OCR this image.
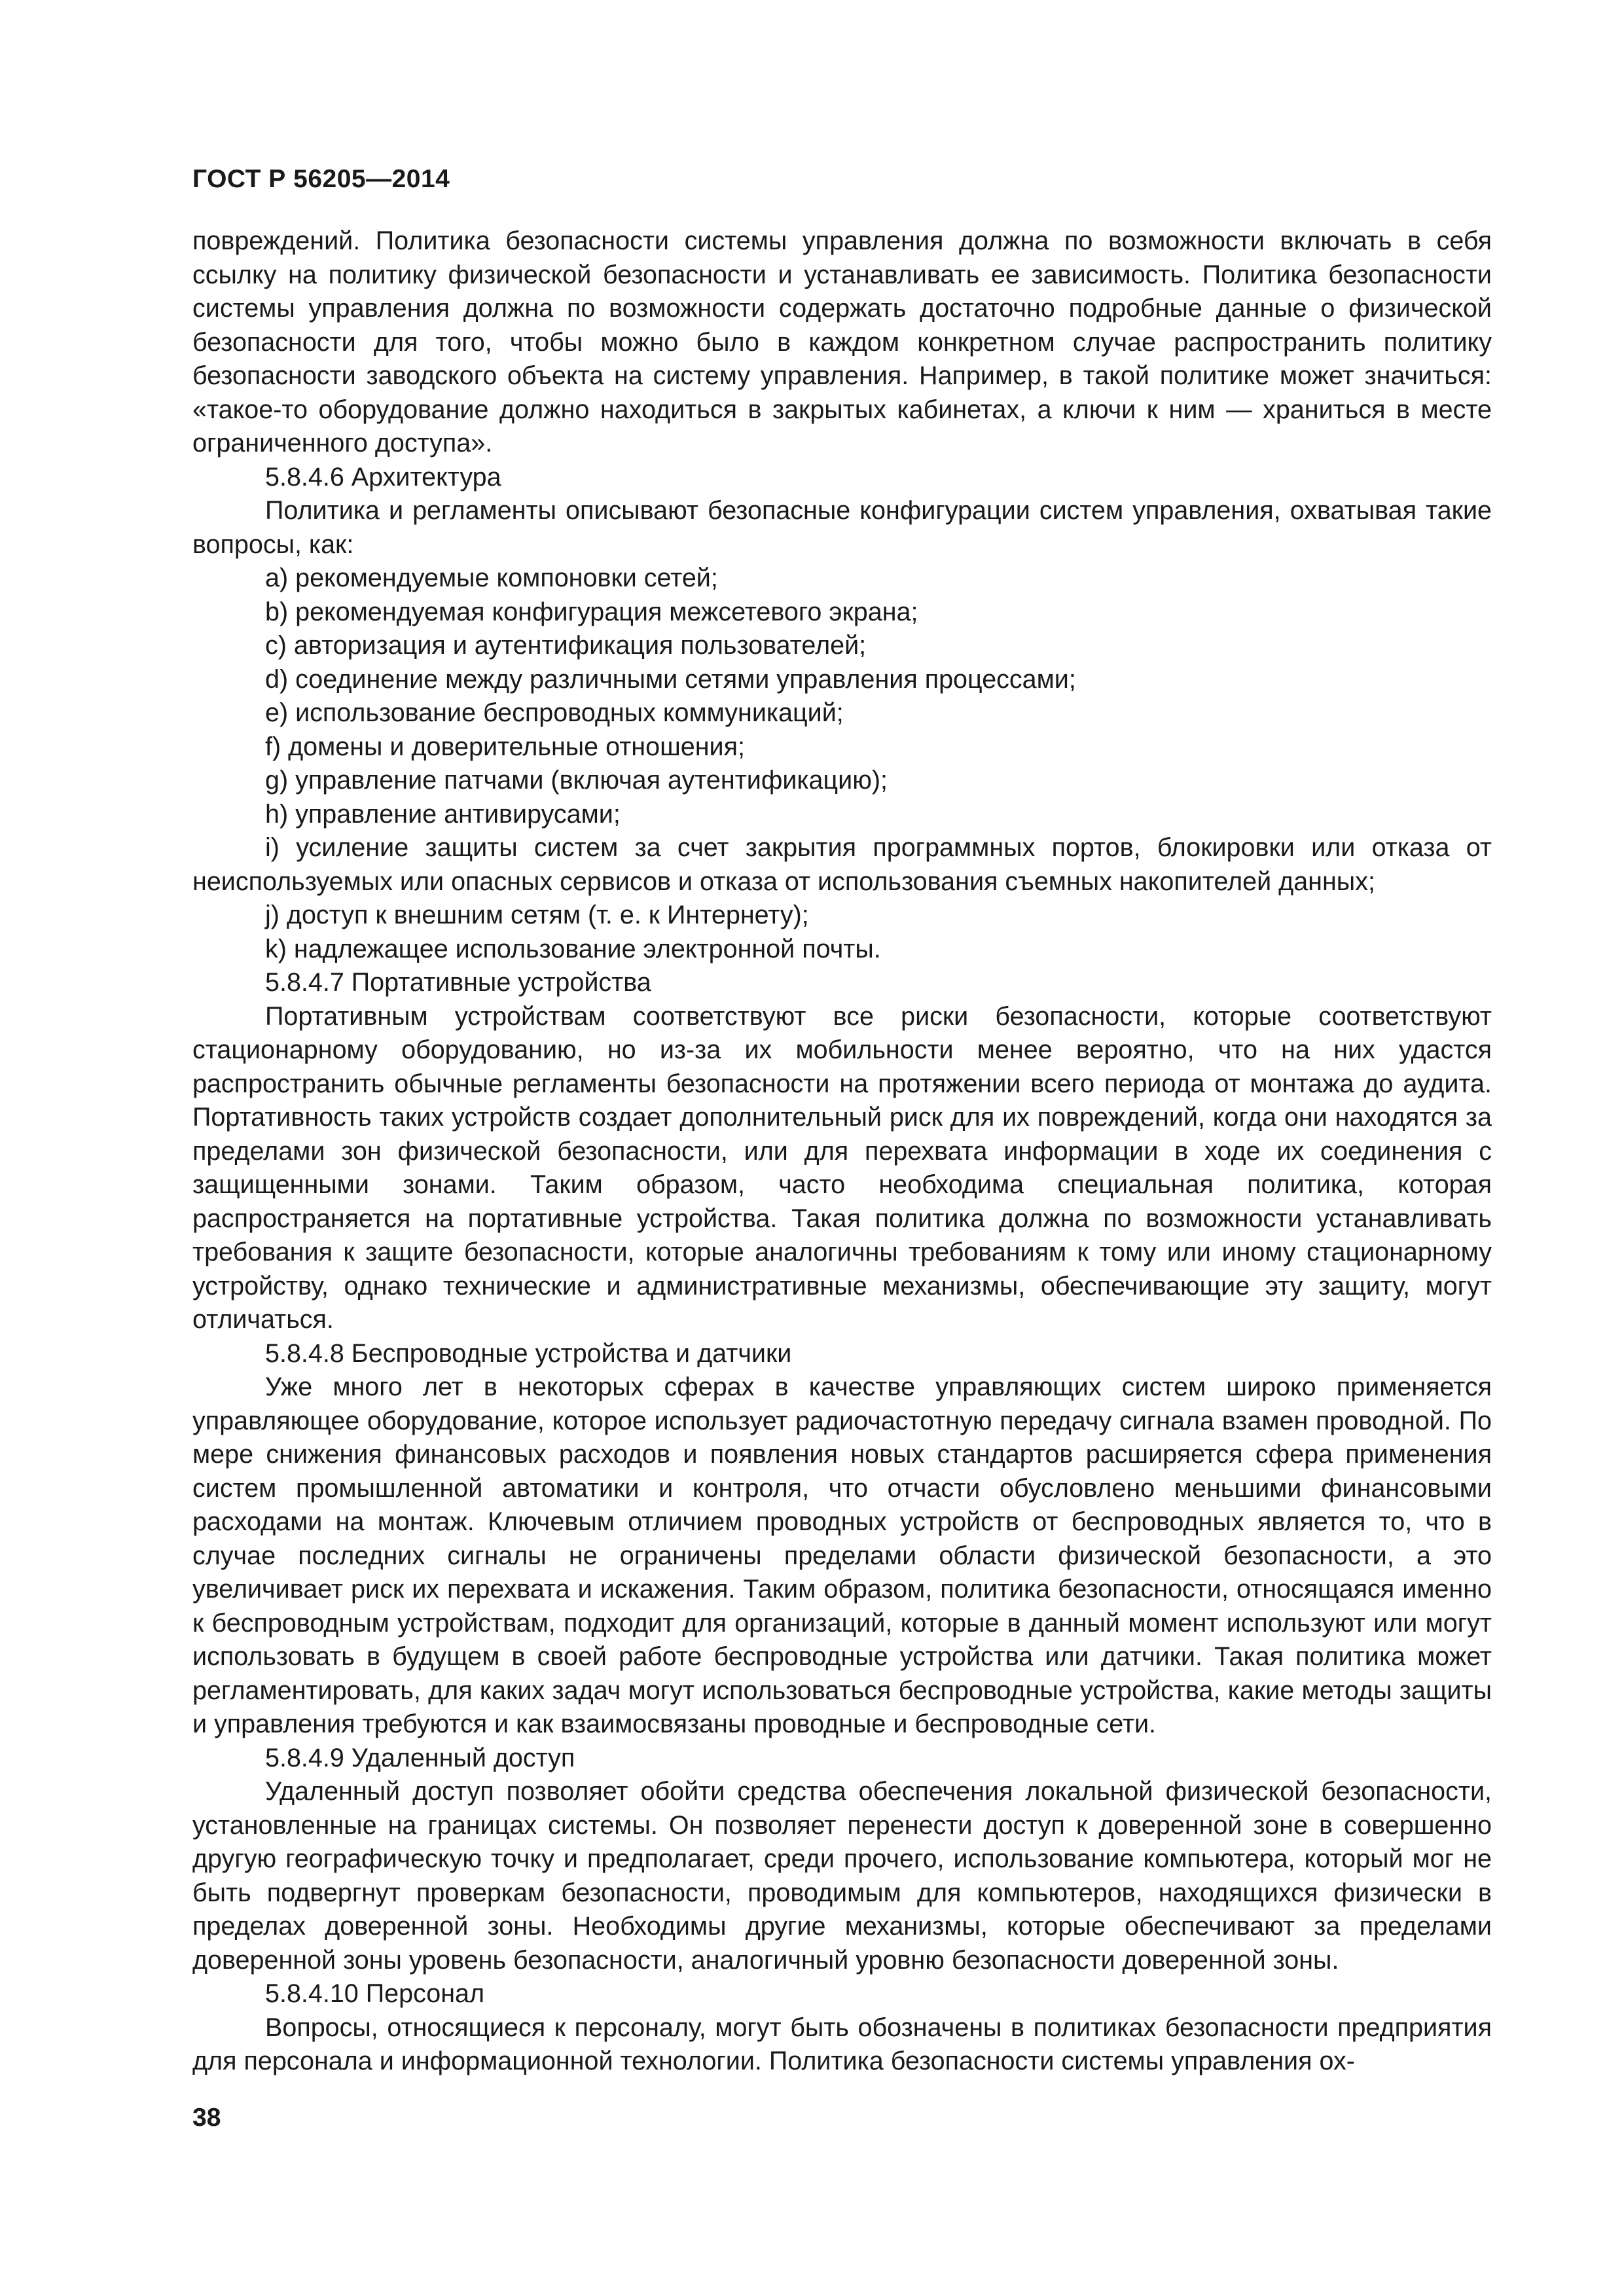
ГОСТ Р 56205—2014

повреждений. Политика безопасности системы управления должна по возможности включать в себя ссылку на политику физической безопасности и устанавливать ее зависимость. Политика безопасности системы управления должна по возможности содержать достаточно подробные данные о физической безопасности для того, чтобы можно было в каждом конкретном случае распространить политику безопасности заводского объекта на систему управления. Например, в такой политике может значиться: «такое-то оборудование должно находиться в закрытых кабинетах, а ключи к ним — храниться в месте ограниченного доступа».

5.8.4.6 Архитектура

Политика и регламенты описывают безопасные конфигурации систем управления, охватывая такие вопросы, как:

a) рекомендуемые компоновки сетей;

b) рекомендуемая конфигурация межсетевого экрана;

c) авторизация и аутентификация пользователей;

d) соединение между различными сетями управления процессами;

e) использование беспроводных коммуникаций;

f) домены и доверительные отношения;

g) управление патчами (включая аутентификацию);

h) управление антивирусами;

i) усиление защиты систем за счет закрытия программных портов, блокировки или отказа от неиспользуемых или опасных сервисов и отказа от использования съемных накопителей данных;

j) доступ к внешним сетям (т. е. к Интернету);

k) надлежащее использование электронной почты.

5.8.4.7 Портативные устройства

Портативным устройствам соответствуют все риски безопасности, которые соответствуют стационарному оборудованию, но из-за их мобильности менее вероятно, что на них удастся распространить обычные регламенты безопасности на протяжении всего периода от монтажа до аудита. Портативность таких устройств создает дополнительный риск для их повреждений, когда они находятся за пределами зон физической безопасности, или для перехвата информации в ходе их соединения с защищенными зонами. Таким образом, часто необходима специальная политика, которая распространяется на портативные устройства. Такая политика должна по возможности устанавливать требования к защите безопасности, которые аналогичны требованиям к тому или иному стационарному устройству, однако технические и административные механизмы, обеспечивающие эту защиту, могут отличаться.

5.8.4.8 Беспроводные устройства и датчики

Уже много лет в некоторых сферах в качестве управляющих систем широко применяется управляющее оборудование, которое использует радиочастотную передачу сигнала взамен проводной. По мере снижения финансовых расходов и появления новых стандартов расширяется сфера применения систем промышленной автоматики и контроля, что отчасти обусловлено меньшими финансовыми расходами на монтаж. Ключевым отличием проводных устройств от беспроводных является то, что в случае последних сигналы не ограничены пределами области физической безопасности, а это увеличивает риск их перехвата и искажения. Таким образом, политика безопасности, относящаяся именно к беспроводным устройствам, подходит для организаций, которые в данный момент используют или могут использовать в будущем в своей работе беспроводные устройства или датчики. Такая политика может регламентировать, для каких задач могут использоваться беспроводные устройства, какие методы защиты и управления требуются и как взаимосвязаны проводные и беспроводные сети.

5.8.4.9 Удаленный доступ

Удаленный доступ позволяет обойти средства обеспечения локальной физической безопасности, установленные на границах системы. Он позволяет перенести доступ к доверенной зоне в совершенно другую географическую точку и предполагает, среди прочего, использование компьютера, который мог не быть подвергнут проверкам безопасности, проводимым для компьютеров, находящихся физически в пределах доверенной зоны. Необходимы другие механизмы, которые обеспечивают за пределами доверенной зоны уровень безопасности, аналогичный уровню безопасности доверенной зоны.

5.8.4.10 Персонал

Вопросы, относящиеся к персоналу, могут быть обозначены в политиках безопасности предприятия для персонала и информационной технологии. Политика безопасности системы управления ох-

38
